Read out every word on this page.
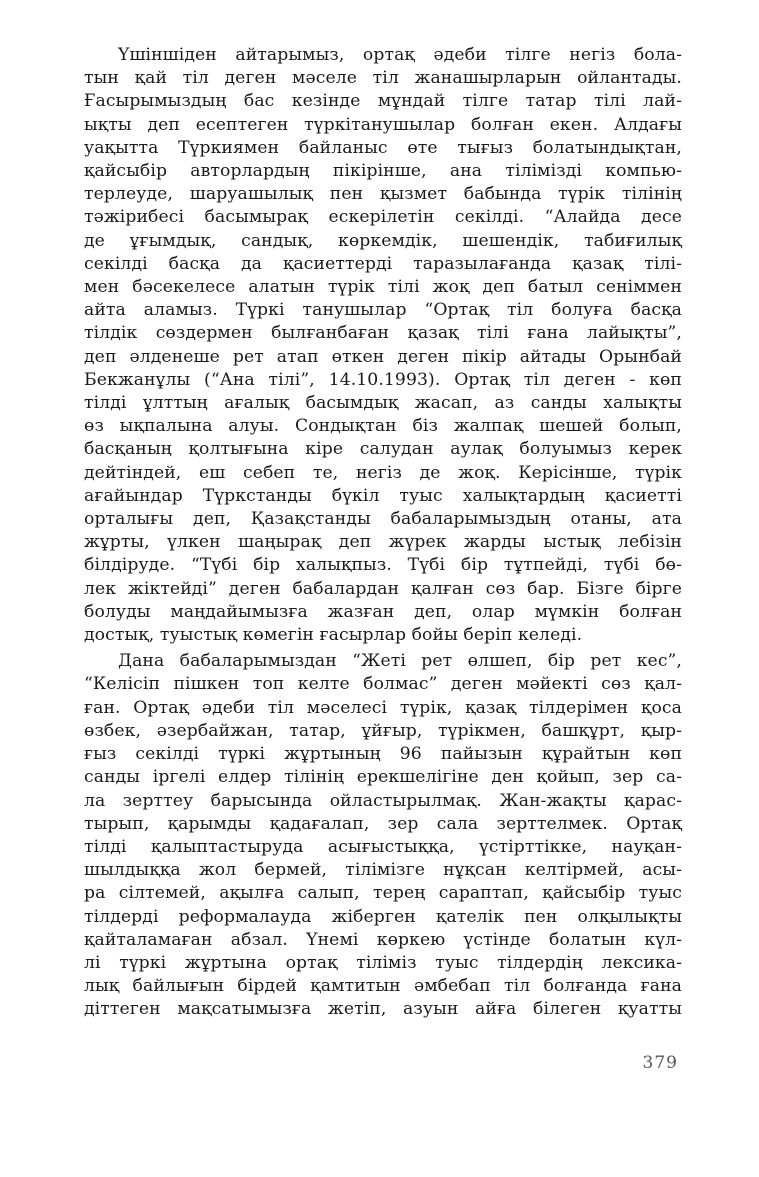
Үшіншіден айтарымыз, ортақ әдеби тілге негіз бола-
тын қай тіл деген мәселе тіл жанашырларын ойлантады.
Ғасырымыздың бас кезінде мұндай тілге татар тілі лай-
ықты деп есептеген түркітанушылар болған екен. Алдағы
уақытта Түркиямен байланыс өте тығыз болатындықтан,
қайсыбір авторлардың пікірінше, ана тілімізді компью-
терлеуде, шаруашылық пен қызмет бабында түрік тілінің
тәжірибесі басымырақ ескерілетін секілді. “Алайда десе
де ұғымдық, сандық, көркемдік, шешендік, табиғилық
секілді басқа да қасиеттерді таразылағанда қазақ тілі-
мен бәсекелесе алатын түрік тілі жоқ деп батыл сеніммен
айта аламыз. Түркі танушылар “Ортақ тіл болуға басқа
тілдік сөздермен былғанбаған қазақ тілі ғана лайықты”,
деп әлденеше рет атап өткен деген пікір айтады Орынбай
Бекжанұлы (“Ана тілі”, 14.10.1993). Ортақ тіл деген - көп
тілді ұлттың ағалық басымдық жасап, аз санды халықты
өз ықпалына алуы. Сондықтан біз жалпақ шешей болып,
басқаның қолтығына кіре салудан аулақ болуымыз керек
дейтіндей, еш себеп те, негіз де жоқ. Керісінше, түрік
ағайындар Түркстанды бүкіл туыс халықтардың қасиетті
орталығы деп, Қазақстанды бабаларымыздың отаны, ата
жұрты, үлкен шаңырақ деп жүрек жарды ыстық лебізін
білдіруде. “Түбі бір халықпыз. Түбі бір тұтпейді, түбі бө-
лек жіктейді” деген бабалардан қалған сөз бар. Бізге бірге
болуды маңдайымызға жазған деп, олар мүмкін болған
достық, туыстық көмегін ғасырлар бойы беріп келеді.
Дана бабаларымыздан “Жеті рет өлшеп, бір рет кес”,
“Келісіп пішкен топ келте болмас” деген мәйекті сөз қал-
ған. Ортақ әдеби тіл мәселесі түрік, қазақ тілдерімен қоса
өзбек, әзербайжан, татар, ұйғыр, түрікмен, башқұрт, қыр-
ғыз секілді түркі жұртының 96 пайызын құрайтын көп
санды іргелі елдер тілінің ерекшелігіне ден қойып, зер са-
ла зерттеу барысында ойластырылмақ. Жан-жақты қарас-
тырып, қарымды қадағалап, зер сала зерттелмек. Ортақ
тілді қалыптастыруда асығыстыққа, үстірттікке, науқан-
шылдыққа жол бермей, тілімізге нұқсан келтірмей, асы-
ра сілтемей, ақылға салып, терең сараптап, қайсыбір туыс
тілдерді реформалауда жіберген қателік пен олқылықты
қайталамаған абзал. Үнемі көркею үстінде болатын күл-
лі түркі жұртына ортақ тіліміз туыс тілдердің лексика-
лық байлығын бірдей қамтитын әмбебап тіл болғанда ғана
діттеген мақсатымызға жетіп, азуын айға білеген қуатты
379
